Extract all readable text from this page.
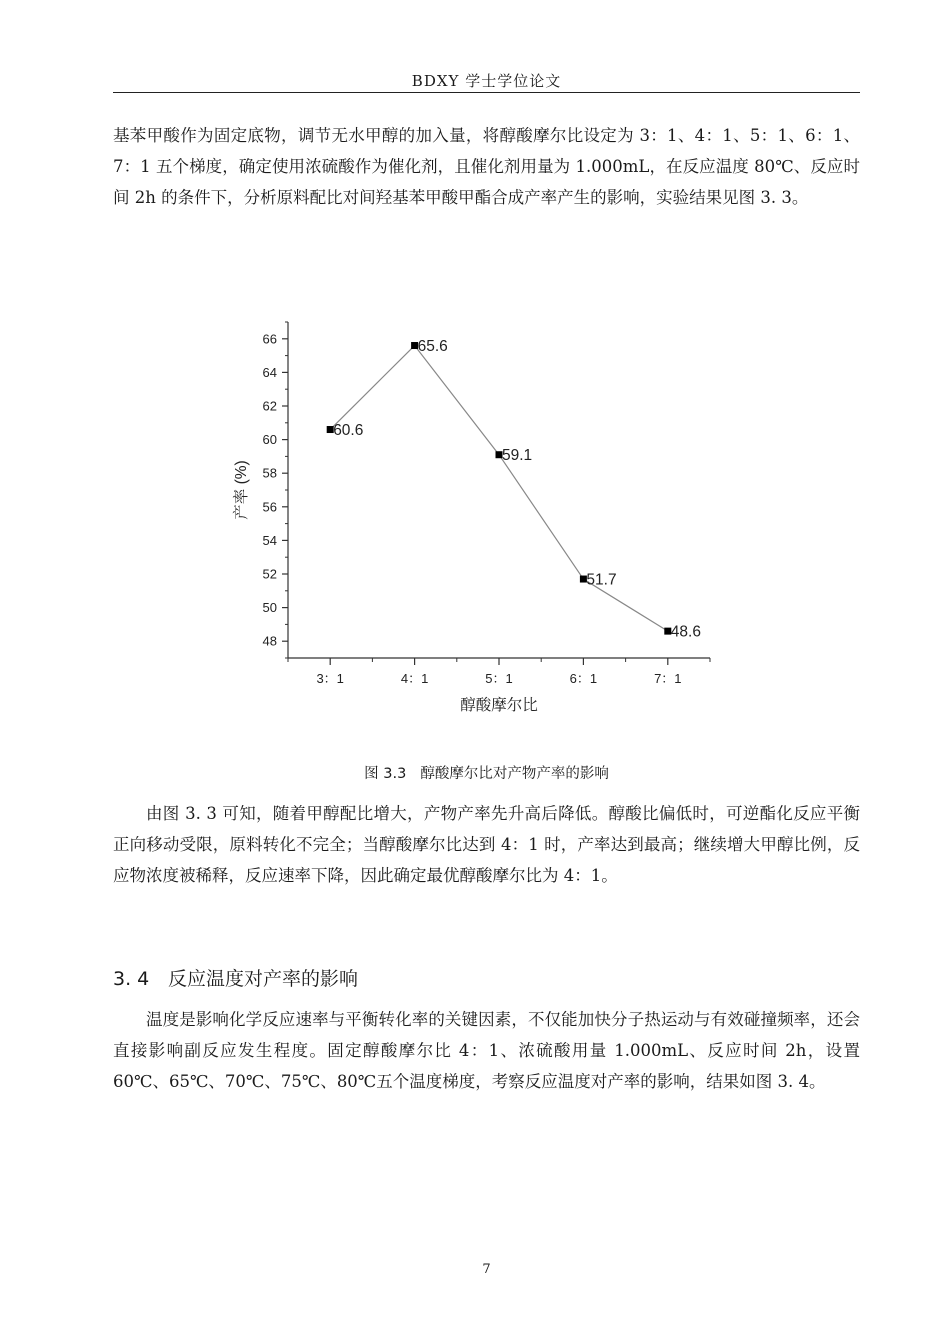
BDXY 学士学位论文
基苯甲酸作为固定底物，调节无水甲醇的加入量，将醇酸摩尔比设定为 3：1、4：1、5：1、6：1、7：1 五个梯度，确定使用浓硫酸作为催化剂，且催化剂用量为 1.000mL，在反应温度 80℃、反应时间 2h 的条件下，分析原料配比对间羟基苯甲酸甲酯合成产率产生的影响，实验结果见图 3. 3。
48
50
52
54
56
58
60
62
64
66
3：1	4：1	5：1	6：1	7：1
醇酸摩尔比
产率 (%)
60.6
65.6
59.1
51.7
48.6
图 3.3 醇酸摩尔比对产物产率的影响
由图 3. 3 可知，随着甲醇配比增大，产物产率先升高后降低。醇酸比偏低时，可逆酯化反应平衡正向移动受限，原料转化不完全；当醇酸摩尔比达到 4：1 时，产率达到最高；继续增大甲醇比例，反应物浓度被稀释，反应速率下降，因此确定最优醇酸摩尔比为 4：1。
3. 4 反应温度对产率的影响
温度是影响化学反应速率与平衡转化率的关键因素，不仅能加快分子热运动与有效碰撞频率，还会直接影响副反应发生程度。固定醇酸摩尔比 4：1、浓硫酸用量 1.000mL、反应时间 2h，设置 60℃、65℃、70℃、75℃、80℃五个温度梯度，考察反应温度对产率的影响，结果如图 3. 4。
7
